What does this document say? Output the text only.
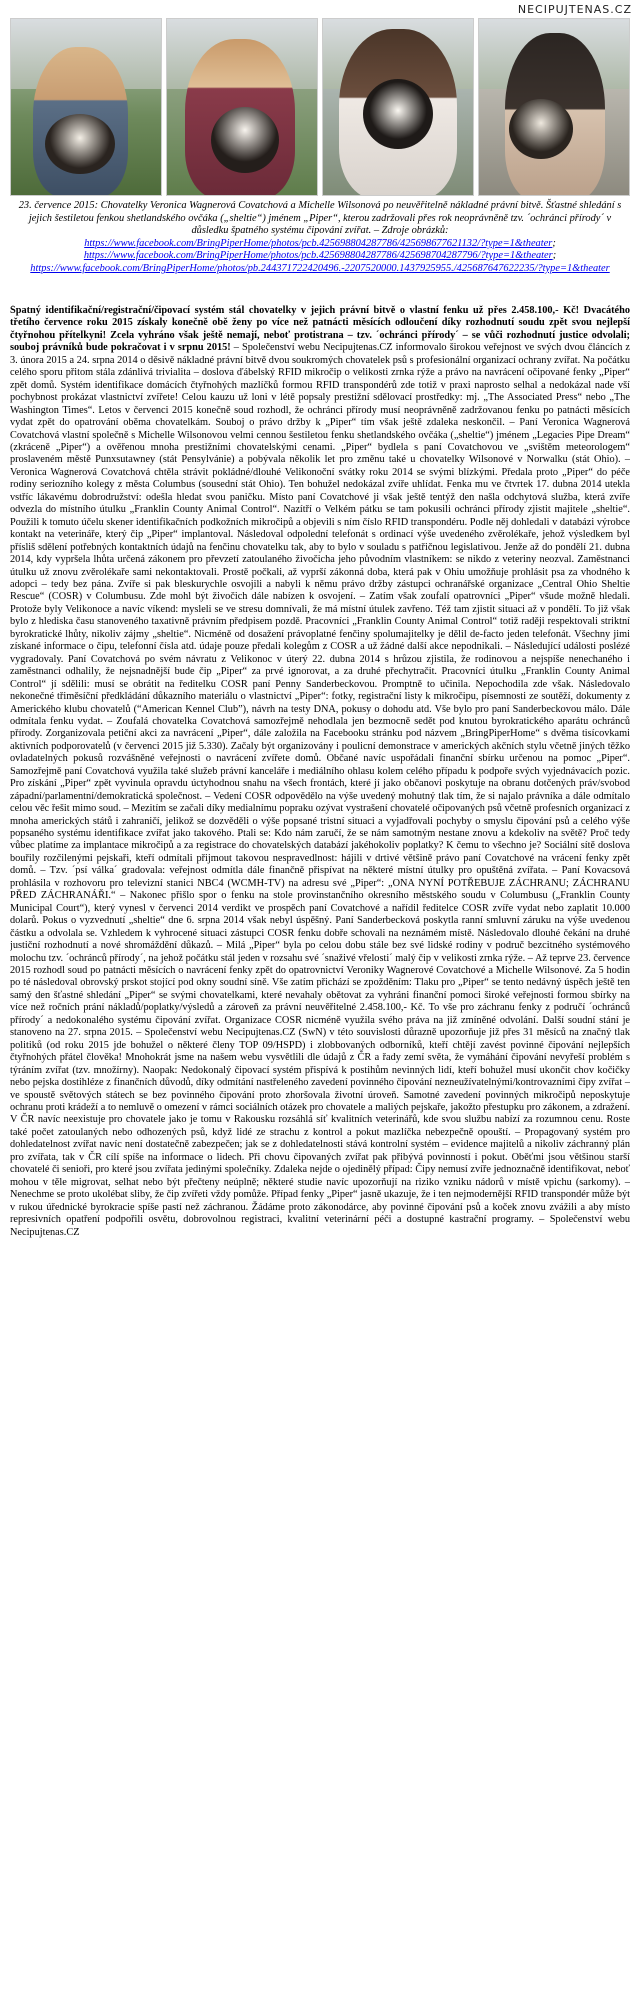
NECIPUJTENAS.CZ
23. července 2015: Chovatelky Veronica Wagnerová Covatchová a Michelle Wilsonová po neuvěřitelně nákladné právní bitvě. Šťastné shledání s jejich šestiletou fenkou shetlandského ovčáka („sheltie“) jménem „Piper“, kterou zadržovali přes rok neoprávněně tzv. ´ochránci přírody´ v důsledku špatného systému čipování zvířat. – Zdroje obrázků: https://www.facebook.com/BringPiperHome/photos/pcb.425698804287786/425698677621132/?type=1&theater; https://www.facebook.com/BringPiperHome/photos/pcb.425698804287786/425698704287796/?type=1&theater; https://www.facebook.com/BringPiperHome/photos/pb.244371722420496.-2207520000.1437925955./425687647622235/?type=1&theater

Špatný identifikační/registrační/čipovací systém stál chovatelky v jejich právní bitvě o vlastní fenku už přes 2.458.100,- Kč! Dvacátého třetího července roku 2015 získaly konečně obě ženy po více než patnácti měsících odloučení díky rozhodnutí soudu zpět svou nejlepší čtyřnohou přítelkyni! Zcela vyhráno však ještě nemají, neboť protistrana – tzv. ´ochránci přírody´ – se vůči rozhodnutí justice odvolali; souboj právníků bude pokračovat i v srpnu 2015! – Společenství webu Necipujtenas.CZ informovalo širokou veřejnost ve svých dvou článcích z 3. února 2015 a 24. srpna 2014 o děsivě nákladné právní bitvě dvou soukromých chovatelek psů s profesionální organizací ochrany zvířat. Na počátku celého sporu přitom stála zdánlivá trivialita – doslova ďábelský RFID mikročip o velikosti zrnka rýže a právo na navrácení očipované fenky „Piper“ zpět domů. Systém identifikace domácích čtyřnohých mazlíčků formou RFID transpondérů zde totiž v praxi naprosto selhal a nedokázal nade vší pochybnost prokázat vlastnictví zvířete! Celou kauzu už loni v létě popsaly prestižní sdělovací prostředky: mj. „The Associated Press“ nebo „The Washington Times“. Letos v červenci 2015 konečně soud rozhodl, že ochránci přírody musí neoprávněně zadržovanou fenku po patnácti měsících vydat zpět do opatrování oběma chovatelkám. Souboj o právo držby k „Piper“ tím však ještě zdaleka neskončil. – Paní Veronica Wagnerová Covatchová vlastní společně s Michelle Wilsonovou velmi cennou šestiletou fenku shetlandského ovčáka („sheltie“) jménem „Legacies Pipe Dream“ (zkráceně „Piper“) a ověřenou mnoha prestižními chovatelskými cenami. „Piper“ bydlela s paní Covatchovou ve „svištěm meteorologem“ proslaveném městě Punxsutawney (stát Pensylvánie) a pobývala několik let pro změnu také u chovatelky Wilsonové v Norwalku (stát Ohio). – Veronica Wagnerová Covatchová chtěla strávit pokládné/dlouhé Velikonoční svátky roku 2014 se svými blízkými. Předala proto „Piper“ do péče rodiny seriozního kolegy z města Columbus (sousední stát Ohio). Ten bohužel nedokázal zvíře uhlídat. Fenka mu ve čtvrtek 17. dubna 2014 utekla vstříc lákavému dobrodružství: odešla hledat svou paničku. Místo paní Covatchové ji však ještě tentýž den našla odchytová služba, která zvíře odvezla do místního útulku „Franklin County Animal Control“. Nazítří o Velkém pátku se tam pokusili ochránci přírody zjistit majitele „sheltie“. Použili k tomuto účelu skener identifikačních podkožních mikročipů a objevili s ním číslo RFID transpondéru. Podle něj dohledali v databázi výrobce kontakt na veterináře, který čip „Piper“ implantoval. Následoval odpolední telefonát s ordinací výše uvedeného zvěrolékaře, jehož výsledkem byl přísliš sdělení potřebných kontaktních údajů na fenčinu chovatelku tak, aby to bylo v souladu s patřičnou legislativou. Jenže až do pondělí 21. dubna 2014, kdy vypršela lhůta určená zákonem pro převzetí zatoulaného živočicha jeho původním vlastníkem: se nikdo z veteriny neozval. Zaměstnanci útulku už znovu zvěrolékaře sami nekontaktovali. Prostě počkali, až vyprší zákonná doba, která pak v Ohiu umožňuje prohlásit psa za vhodného k adopci – tedy bez pána. Zvíře si pak bleskurychle osvojili a nabyli k němu právo držby zástupci ochranářské organizace „Central Ohio Sheltie Rescue“ (COSR) v Columbusu. Zde mohl být živočich dále nabízen k osvojení. – Zatím však zoufalí opatrovníci „Piper“ všude možně hledali. Protože byly Velikonoce a navíc víkend: mysleli se ve stresu domnívali, že má místní útulek zavřeno. Též tam zjistit situaci až v pondělí. To již však bylo z hlediska času stanoveného taxativně právním předpisem pozdě. Pracovníci „Franklin County Animal Control“ totiž raději respektovali striktní byrokratické lhůty, nikoliv zájmy „sheltie“. Nicméně od dosažení právoplatné fenčiny spolumajitelky je dělil de-facto jeden telefonát. Všechny jimi získané informace o čipu, telefonní čísla atd. údaje pouze předali kolegům z COSR a už žádné další akce nepodnikali. – Následující události poslézé vygradovaly. Paní Covatchová po svém návratu z Velikonoc v úterý 22. dubna 2014 s hrůzou zjistila, že rodinovou a nejspíše nenechaného i zaměstnanci odhalily, že nejsnadnější bude čip „Piper“ za prvé ignorovat, a za druhé přechytračit. Pracovníci útulku „Franklin County Animal Control“ jí sdělili: musí se obrátit na ředitelku COSR paní Penny Sanderbeckovou. Promptně to učinila. Nepochodila zde však. Následovalo nekonečné třiměsíční předkládání důkazního materiálu o vlastnictví „Piper“: fotky, registrační listy k mikročipu, písemnosti ze soutěží, dokumenty z Amerického klubu chovatelů (“American Kennel Club”), návrh na testy DNA, pokusy o dohodu atd. Vše bylo pro paní Sanderbeckovou málo. Dále odmítala fenku vydat. – Zoufalá chovatelka Covatchová samozřejmě nehodlala jen bezmocně sedět pod knutou byrokratického aparátu ochránců přírody. Zorganizovala petiční akci za navrácení „Piper“, dále založila na Facebooku stránku pod názvem „BringPiperHome“ s dvěma tisícovkami aktivních podporovatelů (v červenci 2015 již 5.330). Začaly být organizovány i poulicní demonstrace v amerických akčních stylu včetně jiných těžko ovladatelných pokusů rozvášněné veřejnosti o navrácení zvířete domů. Občané navíc uspořádali finanční sbírku určenou na pomoc „Piper“. Samozřejmě paní Covatchová využila také služeb právní kanceláře i mediálního ohlasu kolem celého případu k podpoře svých vyjednávacích pozic. Pro získání „Piper“ zpět vyvinula opravdu úctyhodnou snahu na všech frontách, které jí jako občanovi poskytuje na obranu dotčených práv/svobod západní/parlamentní/demokratická společnost. – Vedení COSR odpovědělo na výše uvedený mohutný tlak tím, že si najalo právníka a dále odmítalo celou věc řešit mimo soud. – Mezitím se začali díky medialnímu popraku ozývat vystrašení chovatelé očipovaných psů včetně profesních organizací z mnoha amerických států i zahraničí, jelikož se dozvěděli o výše popsané tristní situaci a vyjadřovali pochyby o smyslu čipování psů a celého výše popsaného systému identifikace zvířat jako takového. Ptali se: Kdo nám zaručí, že se nám samotným nestane znovu a kdekoliv na světě? Proč tedy vůbec platíme za implantace mikročipů a za registrace do chovatelských databází jakéhokoliv poplatky? K čemu to všechno je? Sociální sítě doslova bouřily rozčilenými pejskaři, kteří odmítali přijmout takovou nespravedlnost: hájili v drtivé většině právo paní Covatchové na vrácení fenky zpět domů. – Tzv. ´psí válka´ gradovala: veřejnost odmítla dále finančně přispívat na některé místní útulky pro opuštěná zvířata. – Paní Kovacsová prohlásila v rozhovoru pro televizní stanici NBC4 (WCMH-TV) na adresu své „Piper“: „ONA NYNÍ POTŘEBUJE ZÁCHRANU; ZÁCHRANU PŘED ZÁCHRANÁŘI.“ – Nakonec přišlo spor o fenku na stole provinstančního okresního městského soudu v Columbusu („Franklin County Municipal Court“), který vynesl v červenci 2014 verdikt ve prospěch paní Covatchové a nařídil ředitelce COSR zvíře vydat nebo zaplatit 10.000 dolarů. Pokus o vyzvednutí „sheltie“ dne 6. srpna 2014 však nebyl úspěšný. Paní Sanderbecková poskytla ranní smluvní záruku na výše uvedenou částku a odvolala se. Vzhledem k vyhrocené situaci zástupci COSR fenku dobře schovali na neznámém místě. Následovalo dlouhé čekání na druhé justiční rozhodnutí a nové shromáždění důkazů. – Milá „Piper“ byla po celou dobu stále bez své lidské rodiny v područ bezcitného systémového molochu tzv. ´ochránců přírody´, na jehož počátku stál jeden v rozsahu své ´snaživé vřelosti´ malý čip v velikosti zrnka rýže. – Až teprve 23. července 2015 rozhodl soud po patnácti měsících o navrácení fenky zpět do opatrovnictví Veroniky Wagnerové Covatchové a Michelle Wilsonové. Za 5 hodin po té následoval obrovský prskot stojící pod okny soudní síně. Vše zatím přichází se zpožděním: Tlaku pro „Piper“ se tento nedávný úspěch ještě ten samý den šťastné shledání „Piper“ se svými chovatelkami, které nevahaly obětovat za vyhráni finanční pomoci široké veřejnosti formou sbírky na více než ročních prání nákladů/poplatky/výsledů a zároveň za právní neuvěřitelné 2.458.100,- Kč. To vše pro záchranu fenky z područí ´ochránců přírody´ a nedokonalého systému čipování zvířat. Organizace COSR nicméně využila svého práva na již zmíněné odvolání. Další soudní stání je stanoveno na 27. srpna 2015. – Společenství webu Necipujtenas.CZ (SwN) v této souvislosti důrazně upozorňuje již přes 31 měsíců na značný tlak politiků (od roku 2015 jde bohužel o některé členy TOP 09/HSPD) i zlobbovaných odborníků, kteří chtějí zavést povinné čipování nejlepších čtyřnohých přátel člověka! Mnohokrát jsme na našem webu vysvětlili dle údajů z ČR a řady zemí světa, že vymáhání čipování nevyřeší problém s týráním zvířat (tzv. množírny). Naopak: Nedokonalý čipovací systém přispívá k postihům nevinných lidí, kteří bohužel musí ukončit chov kočičky nebo pejska dostihléze z finančních důvodů, díky odmítání nastřeleného zavedení povinného čipování nezneužívatelnými/kontrovazními čipy zvířat – ve spoustě světových státech se bez povinného čipování proto zhoršovala životní úroveň. Samotné zavedení povinných mikročipů neposkytuje ochranu proti krádeží a to nemluvě o omezení v rámci sociálních otázek pro chovatele a maliých pejskaře, jakožto přestupku pro zákonem, a zdražení. V ČR navíc neexistuje pro chovatele jako je tomu v Rakousku rozsáhlá síť kvalitních veterinářů, kde svou službu nabízí za rozumnou cenu. Roste také počet zatoulaných nebo odhozených psů, když lidé ze strachu z kontrol a pokut mazlíčka nebezpečně opouští. – Propagovaný systém pro dohledatelnost zvířat navíc není dostatečně zabezpečen; jak se z dohledatelnosti stává kontrolní systém – evidence majitelů a nikoliv záchranný plán pro zvířata, tak v ČR cílí spíše na informace o lidech. Při chovu čipovaných zvířat pak přibývá povinností i pokut. Oběťmi jsou většinou starší chovatelé či senioři, pro které jsou zvířata jedinými společníky. Zdaleka nejde o ojedinělý případ: Čipy nemusí zvíře jednoznačně identifikovat, neboť mohou v těle migrovat, selhat nebo být přečteny neúplně; některé studie navíc upozorňují na riziko vzniku nádorů v místě vpichu (sarkomy). – Nenechme se proto ukolébat sliby, že čip zvířeti vždy pomůže. Případ fenky „Piper“ jasně ukazuje, že i ten nejmodernější RFID transpondér může být v rukou úřednické byrokracie spíše pastí než záchranou. Žádáme proto zákonodárce, aby povinné čipování psů a koček znovu zvážili a aby místo represivních opatření podpořili osvětu, dobrovolnou registraci, kvalitní veterinární péči a dostupné kastrační programy. – Společenství webu Necipujtenas.CZ
